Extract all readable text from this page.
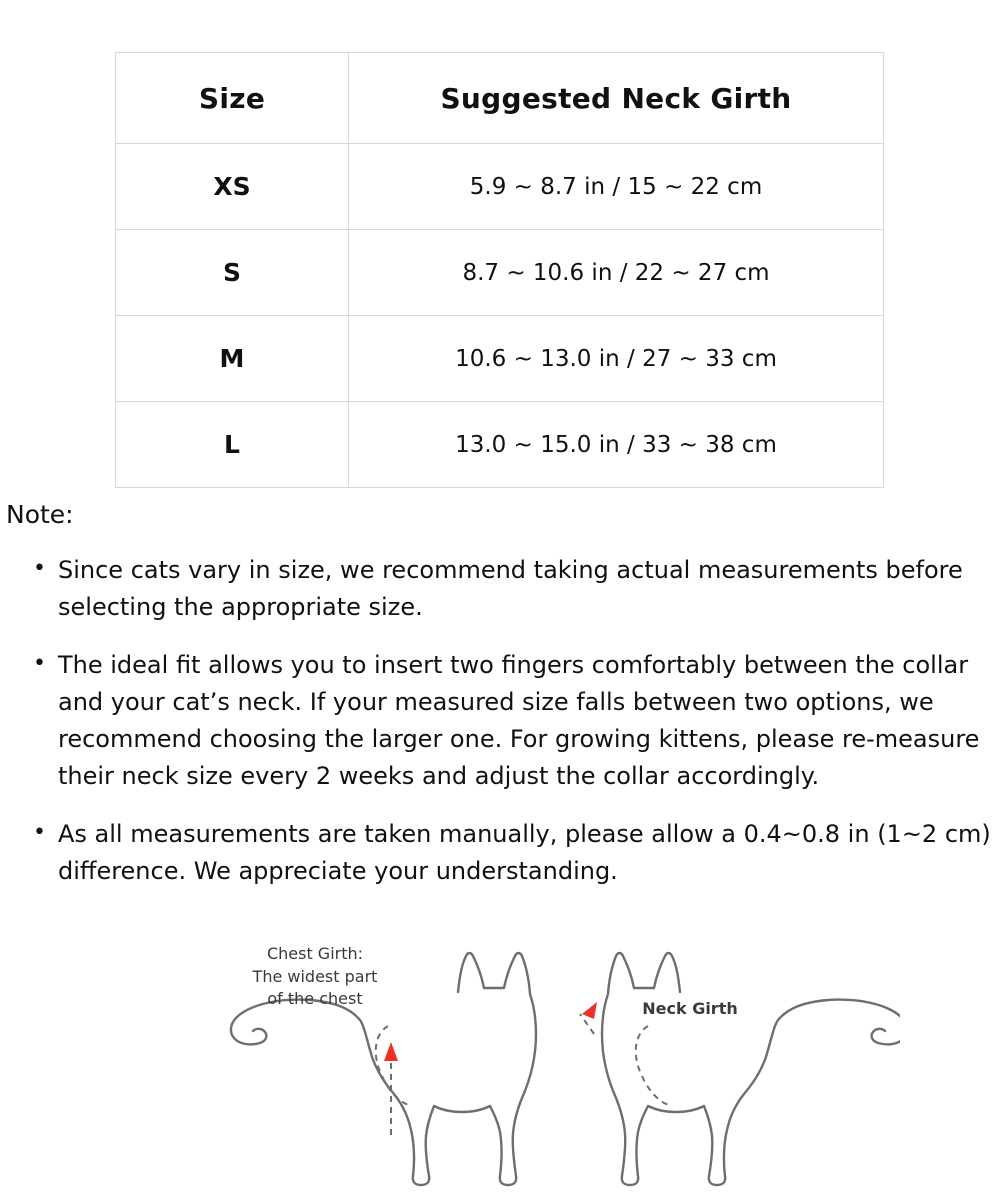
Size	Suggested Neck Girth
XS	5.9 ~ 8.7 in / 15 ~ 22 cm
S	8.7 ~ 10.6 in / 22 ~ 27 cm
M	10.6 ~ 13.0 in / 27 ~ 33 cm
L	13.0 ~ 15.0 in / 33 ~ 38 cm
Note:
• Since cats vary in size, we recommend taking actual measurements before selecting the appropriate size.
• The ideal fit allows you to insert two fingers comfortably between the collar and your cat’s neck. If your measured size falls between two options, we recommend choosing the larger one. For growing kittens, please re-measure their neck size every 2 weeks and adjust the collar accordingly.
• As all measurements are taken manually, please allow a 0.4~0.8 in (1~2 cm) difference. We appreciate your understanding.
Chest Girth:
The widest part
of the chest
Neck Girth
